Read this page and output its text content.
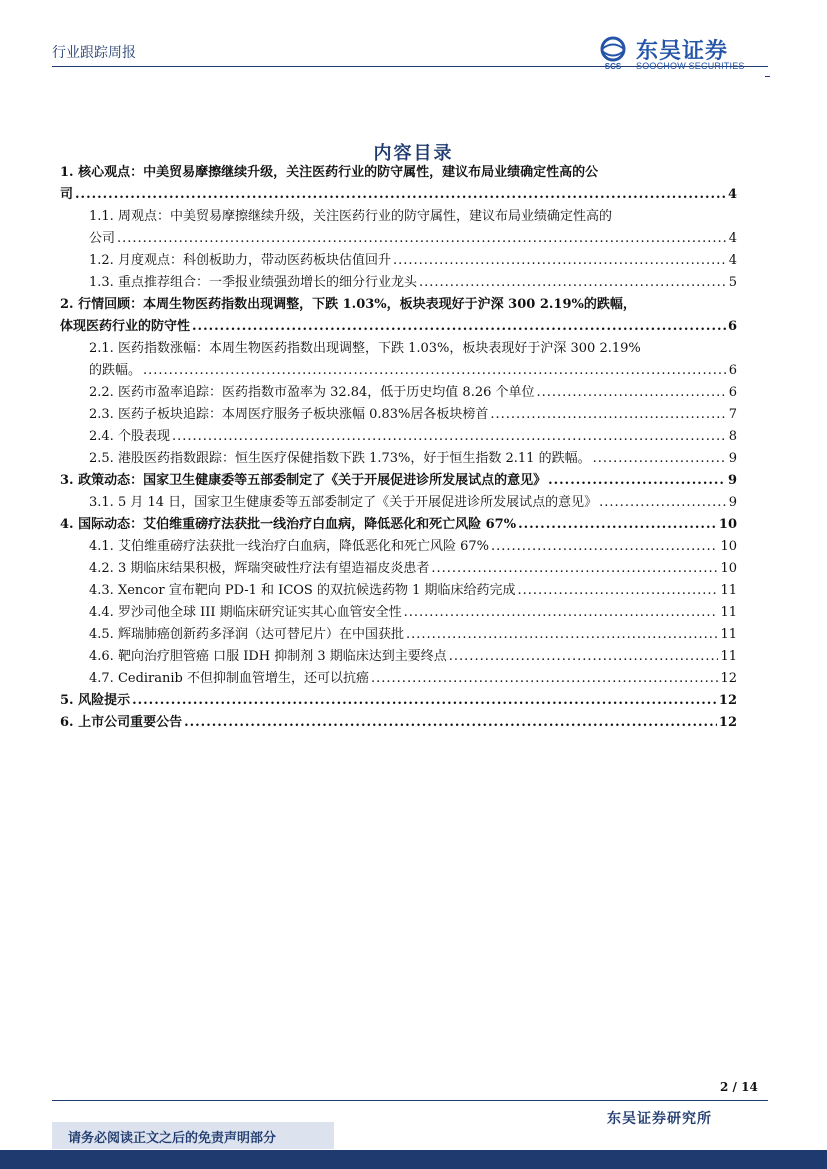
行业跟踪周报
SCS
东吴证券
SOOCHOW SECURITIES
内容目录
1. 核心观点：中美贸易摩擦继续升级，关注医药行业的防守属性，建议布局业绩确定性高的公
司 .....	4
1.1. 周观点：中美贸易摩擦继续升级，关注医药行业的防守属性，建议布局业绩确定性高的
公司 .....	4
1.2. 月度观点：科创板助力，带动医药板块估值回升 .....	4
1.3. 重点推荐组合：一季报业绩强劲增长的细分行业龙头 .....	5
2. 行情回顾：本周生物医药指数出现调整，下跌 1.03%，板块表现好于沪深 300 2.19%的跌幅，
体现医药行业的防守性 .....	6
2.1. 医药指数涨幅：本周生物医药指数出现调整，下跌 1.03%，板块表现好于沪深 300 2.19%
的跌幅。 .....	6
2.2. 医药市盈率追踪：医药指数市盈率为 32.84，低于历史均值 8.26 个单位 .....	6
2.3. 医药子板块追踪：本周医疗服务子板块涨幅 0.83%居各板块榜首 .....	7
2.4. 个股表现 .....	8
2.5. 港股医药指数跟踪：恒生医疗保健指数下跌 1.73%，好于恒生指数 2.11 的跌幅。 .....	9
3. 政策动态：国家卫生健康委等五部委制定了《关于开展促进诊所发展试点的意见》 .....	9
3.1. 5 月 14 日，国家卫生健康委等五部委制定了《关于开展促进诊所发展试点的意见》 .....	9
4. 国际动态：艾伯维重磅疗法获批一线治疗白血病，降低恶化和死亡风险 67% .....	10
4.1. 艾伯维重磅疗法获批一线治疗白血病，降低恶化和死亡风险 67% .....	10
4.2. 3 期临床结果积极，辉瑞突破性疗法有望造福皮炎患者 .....	10
4.3. Xencor 宣布靶向 PD-1 和 ICOS 的双抗候选药物 1 期临床给药完成 .....	11
4.4. 罗沙司他全球 III 期临床研究证实其心血管安全性 .....	11
4.5. 辉瑞肺癌创新药多泽润（达可替尼片）在中国获批 .....	11
4.6. 靶向治疗胆管癌 口服 IDH 抑制剂 3 期临床达到主要终点 .....	11
4.7. Cediranib 不但抑制血管增生，还可以抗癌 .....	12
5. 风险提示 .....	12
6. 上市公司重要公告 .....	12
2 / 14
东吴证券研究所
请务必阅读正文之后的免责声明部分
